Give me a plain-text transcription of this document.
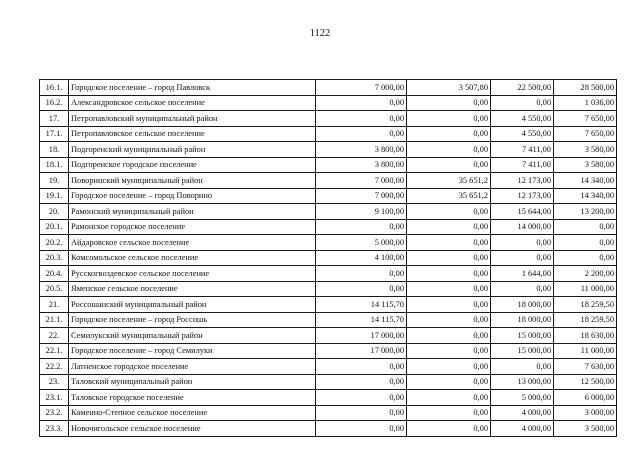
1122
16.1.	Городское поселение – город Павловск	7 000,00	3 507,80	22 500,00	28 500,00
16.2.	Александровское сельское поселение	0,00	0,00	0,00	1 036,00
17.	Петропавловский муниципальный район	0,00	0,00	4 550,00	7 650,00
17.1.	Петропавловское сельское поселение	0,00	0,00	4 550,00	7 650,00
18.	Подгоренский муниципальный район	3 800,00	0,00	7 411,00	3 580,00
18.1.	Подгоренское городское поселение	3 800,00	0,00	7 411,00	3 580,00
19.	Поворинский муниципальный район	7 000,00	35 651,2	12 173,00	14 340,00
19.1.	Городское поселение – город Поворино	7 000,00	35 651,2	12 173,00	14 340,00
20.	Рамонский муниципальный район	9 100,00	0,00	15 644,00	13 200,00
20.1.	Рамонское городское поселение	0,00	0,00	14 000,00	0,00
20.2.	Айдаровское сельское поселение	5 000,00	0,00	0,00	0,00
20.3.	Комсомольское сельское поселение	4 100,00	0,00	0,00	0,00
20.4.	Русскогвоздевское сельское поселение	0,00	0,00	1 644,00	2 200,00
20.5.	Яменское сельское поселение	0,00	0,00	0,00	11 000,00
21.	Россошанский муниципальный район	14 115,70	0,00	18 000,00	18 259,50
21.1.	Городское поселение – город Россошь	14 115,70	0,00	18 000,00	18 259,50
22.	Семилукский муниципальный район	17 000,00	0,00	15 000,00	18 630,00
22.1.	Городское поселение – город Семилуки	17 000,00	0,00	15 000,00	11 000,00
22.2.	Латненское городское поселение	0,00	0,00	0,00	7 630,00
23.	Таловский муниципальный район	0,00	0,00	13 000,00	12 500,00
23.1.	Таловское городское поселение	0,00	0,00	5 000,00	6 000,00
23.2.	Каменно-Степное сельское поселение	0,00	0,00	4 000,00	3 000,00
23.3.	Новочигольское сельское поселение	0,00	0,00	4 000,00	3 500,00
